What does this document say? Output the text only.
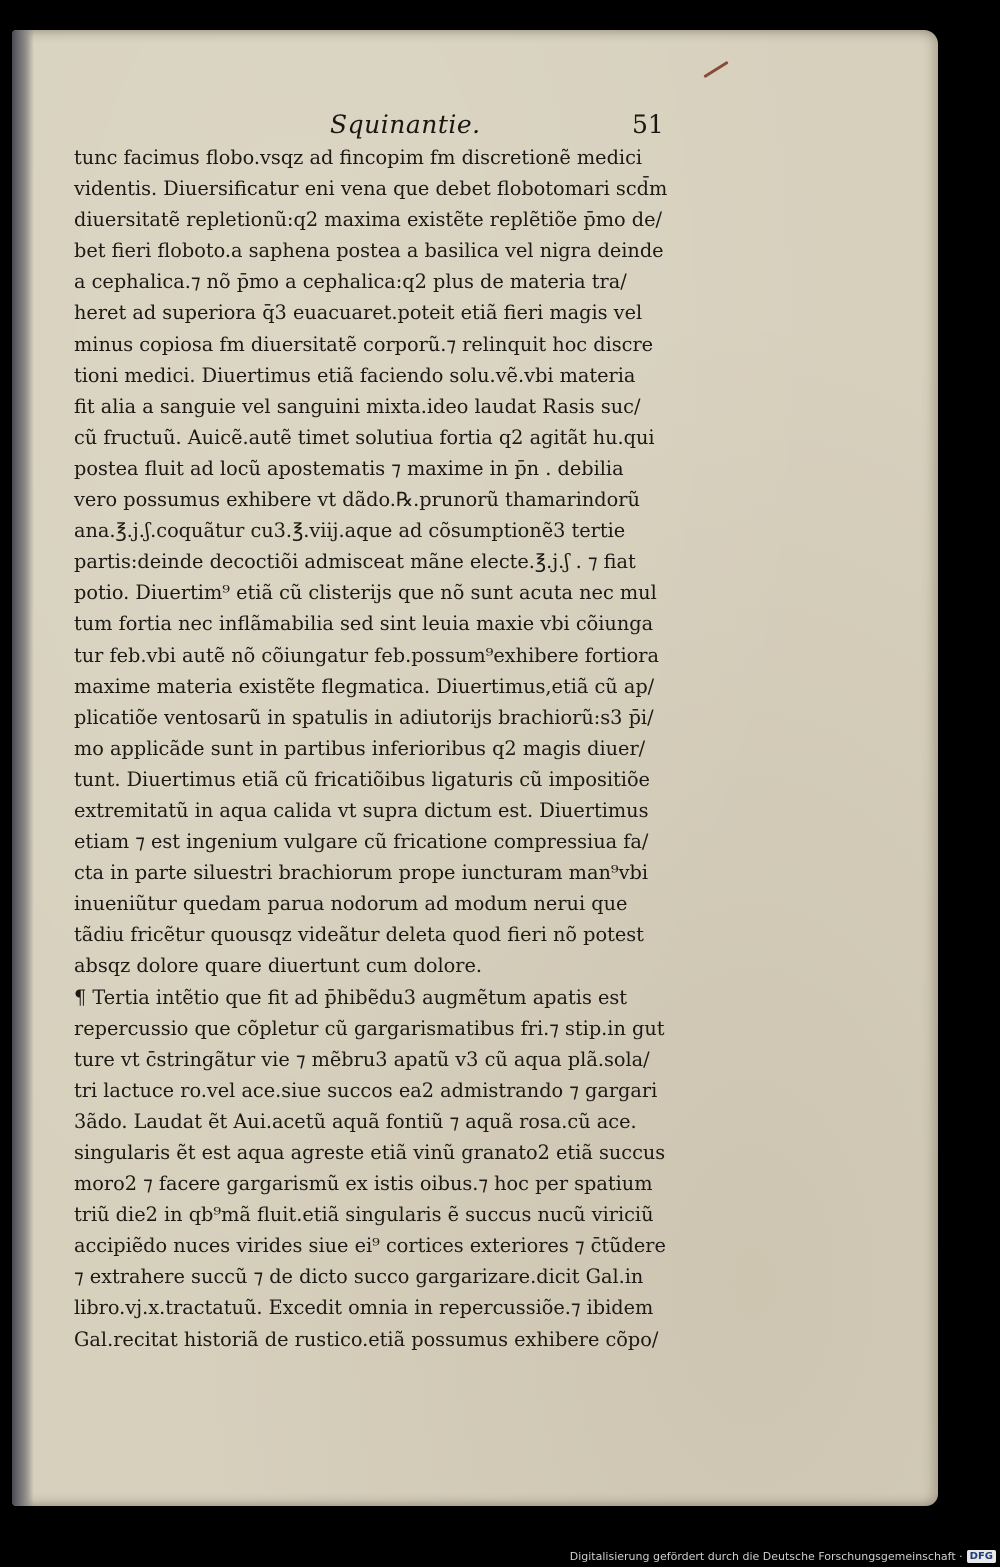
Squinantie.	51
tunc facimus flobo.vsqz ad fincopim fm discretionẽ medici
videntis. Diuersificatur eni vena que debet flobotomari scd̄m
diuersitatẽ repletionũ:q2 maxima existẽte replẽtiõe p̄mo de/
bet fieri floboto.a saphena postea a basilica vel nigra deinde
a cephalica.⁊ nõ p̄mo a cephalica:q2 plus de materia tra/
heret ad superiora q̄3 euacuaret.poteit etiã fieri magis vel
minus copiosa fm diuersitatẽ corporũ.⁊ relinquit hoc discre
tioni medici. Diuertimus etiã faciendo solu.vẽ.vbi materia
fit alia a sanguie vel sanguini mixta.ideo laudat Rasis suc/
cũ fructuũ. Auicẽ.autẽ timet solutiua fortia q2 agitãt hu.qui
postea fluit ad locũ apostematis ⁊ maxime in p̄n . debilia
vero possumus exhibere vt dãdo.℞.prunorũ thamarindorũ
ana.℥.j.ʃ.coquãtur cu3.℥.viij.aque ad cõsumptionẽ3 tertie
partis:deinde decoctiõi admisceat mãne electe.℥.j.ʃ . ⁊ fiat
potio. Diuertim⁹ etiã cũ clisterijs que nõ sunt acuta nec mul
tum fortia nec inflãmabilia sed sint leuia maxie vbi cõiunga
tur feb.vbi autẽ nõ cõiungatur feb.possum⁹exhibere fortiora
maxime materia existẽte flegmatica. Diuertimus,etiã cũ ap/
plicatiõe ventosarũ in spatulis in adiutorijs brachiorũ:s3 p̄i/
mo applicãde sunt in partibus inferioribus q2 magis diuer/
tunt. Diuertimus etiã cũ fricatiõibus ligaturis cũ impositiõe
extremitatũ in aqua calida vt supra dictum est. Diuertimus
etiam ⁊ est ingenium vulgare cũ fricatione compressiua fa/
cta in parte siluestri brachiorum prope iuncturam man⁹vbi
inueniũtur quedam parua nodorum ad modum nerui que
tãdiu fricẽtur quousqz videãtur deleta quod fieri nõ potest
absqz dolore quare diuertunt cum dolore.
¶ Tertia intẽtio que fit ad p̄hibẽdu3 augmẽtum apatis est
repercussio que cõpletur cũ gargarismatibus fri.⁊ stip.in gut
ture vt c̄stringãtur vie ⁊ mẽbru3 apatũ v3 cũ aqua plã.sola/
tri lactuce ro.vel ace.siue succos ea2 admistrando ⁊ gargari
3ãdo. Laudat ẽt Aui.acetũ aquã fontiũ ⁊ aquã rosa.cũ ace.
singularis ẽt est aqua agreste etiã vinũ granato2 etiã succus
moro2 ⁊ facere gargarismũ ex istis oibus.⁊ hoc per spatium
triũ die2 in qb⁹mã fluit.etiã singularis ẽ succus nucũ viriciũ
accipiẽdo nuces virides siue ei⁹ cortices exteriores ⁊ c̄tũdere
⁊ extrahere succũ ⁊ de dicto succo gargarizare.dicit Gal.in
libro.vj.x.tractatuũ. Excedit omnia in repercussiõe.⁊ ibidem
Gal.recitat historiã de rustico.etiã possumus exhibere cõpo/
Digitalisierung gefördert durch die Deutsche Forschungsgemeinschaft · DFG
